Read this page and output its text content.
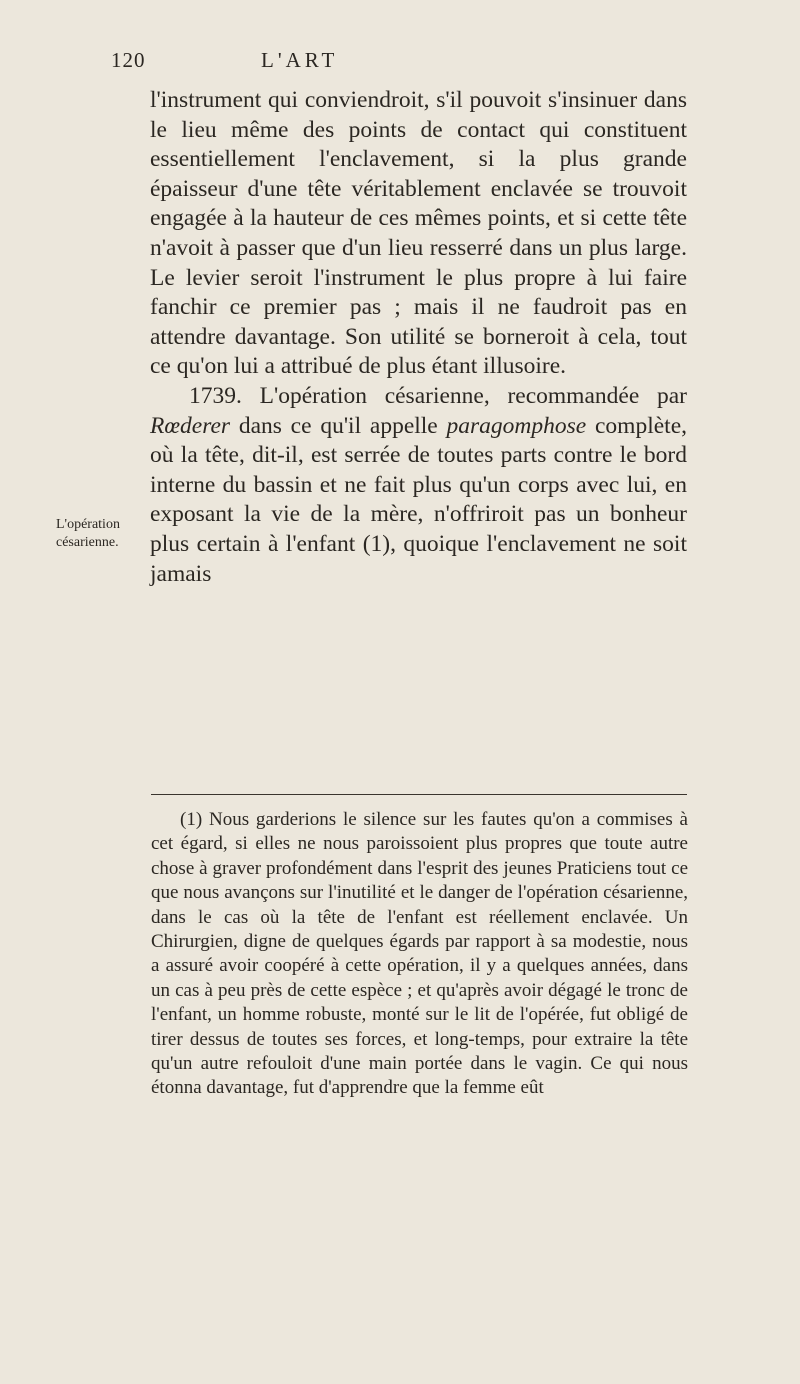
120	L'ART
L'opération césarienne.

l'instrument qui conviendroit, s'il pouvoit s'insinuer dans le lieu même des points de contact qui constituent essentiellement l'enclavement, si la plus grande épaisseur d'une tête véritablement enclavée se trouvoit engagée à la hauteur de ces mêmes points, et si cette tête n'avoit à passer que d'un lieu resserré dans un plus large. Le levier seroit l'instrument le plus propre à lui faire fanchir ce premier pas ; mais il ne faudroit pas en attendre davantage. Son utilité se borneroit à cela, tout ce qu'on lui a attribué de plus étant illusoire.

1739. L'opération césarienne, recommandée par Rœderer dans ce qu'il appelle paragomphose complète, où la tête, dit-il, est serrée de toutes parts contre le bord interne du bassin et ne fait plus qu'un corps avec lui, en exposant la vie de la mère, n'offriroit pas un bonheur plus certain à l'enfant (1), quoique l'enclavement ne soit jamais

(1) Nous garderions le silence sur les fautes qu'on a commises à cet égard, si elles ne nous paroissoient plus propres que toute autre chose à graver profondément dans l'esprit des jeunes Praticiens tout ce que nous avançons sur l'inutilité et le danger de l'opération césarienne, dans le cas où la tête de l'enfant est réellement enclavée. Un Chirurgien, digne de quelques égards par rapport à sa modestie, nous a assuré avoir coopéré à cette opération, il y a quelques années, dans un cas à peu près de cette espèce ; et qu'après avoir dégagé le tronc de l'enfant, un homme robuste, monté sur le lit de l'opérée, fut obligé de tirer dessus de toutes ses forces, et long-temps, pour extraire la tête qu'un autre refouloit d'une main portée dans le vagin. Ce qui nous étonna davantage, fut d'apprendre que la femme eût
